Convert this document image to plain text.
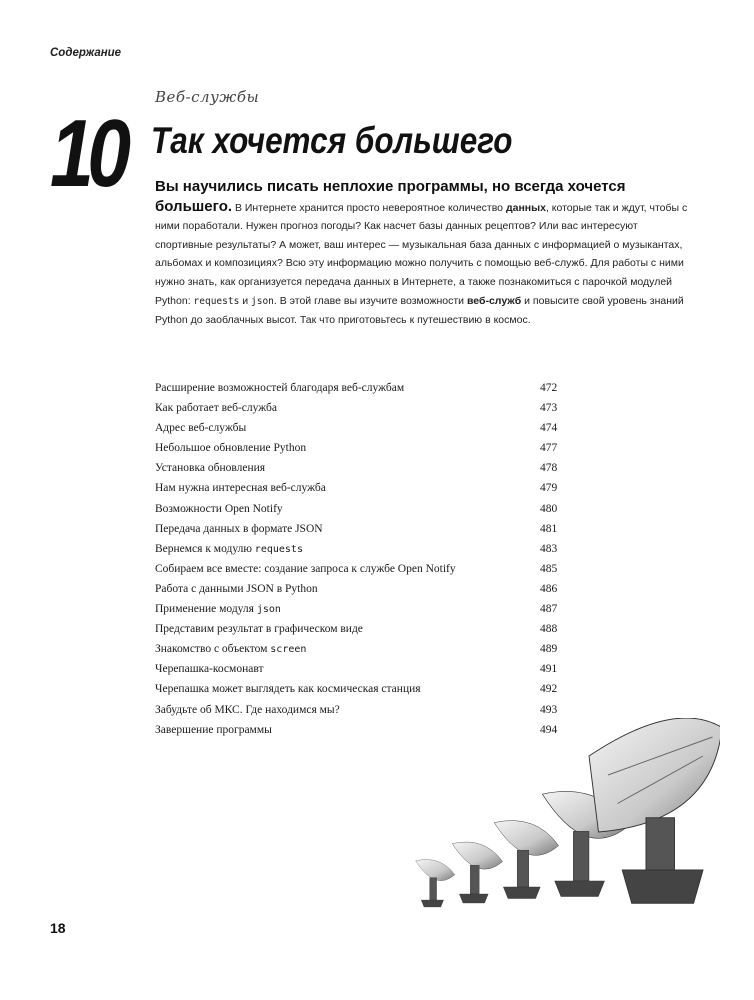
Содержание
10
Веб-службы
Так хочется большего
Вы научились писать неплохие программы, но всегда хочется большего. В Интернете хранится просто невероятное количество данных, которые так и ждут, чтобы с ними поработали. Нужен прогноз погоды? Как насчет базы данных рецептов? Или вас интересуют спортивные результаты? А может, ваш интерес — музыкальная база данных с информацией о музыкантах, альбомах и композициях? Всю эту информацию можно получить с помощью веб-служб. Для работы с ними нужно знать, как организуется передача данных в Интернете, а также познакомиться с парочкой модулей Python: requests и json. В этой главе вы изучите возможности веб-служб и повысите свой уровень знаний Python до заоблачных высот. Так что приготовьтесь к путешествию в космос.
Расширение возможностей благодаря веб-службам	472
Как работает веб-служба	473
Адрес веб-службы	474
Небольшое обновление Python	477
Установка обновления	478
Нам нужна интересная веб-служба	479
Возможности Open Notify	480
Передача данных в формате JSON	481
Вернемся к модулю requests	483
Собираем все вместе: создание запроса к службе Open Notify	485
Работа с данными JSON в Python	486
Применение модуля json	487
Представим результат в графическом виде	488
Знакомство с объектом screen	489
Черепашка-космонавт	491
Черепашка может выглядеть как космическая станция	492
Забудьте об МКС. Где находимся мы?	493
Завершение программы	494
18
